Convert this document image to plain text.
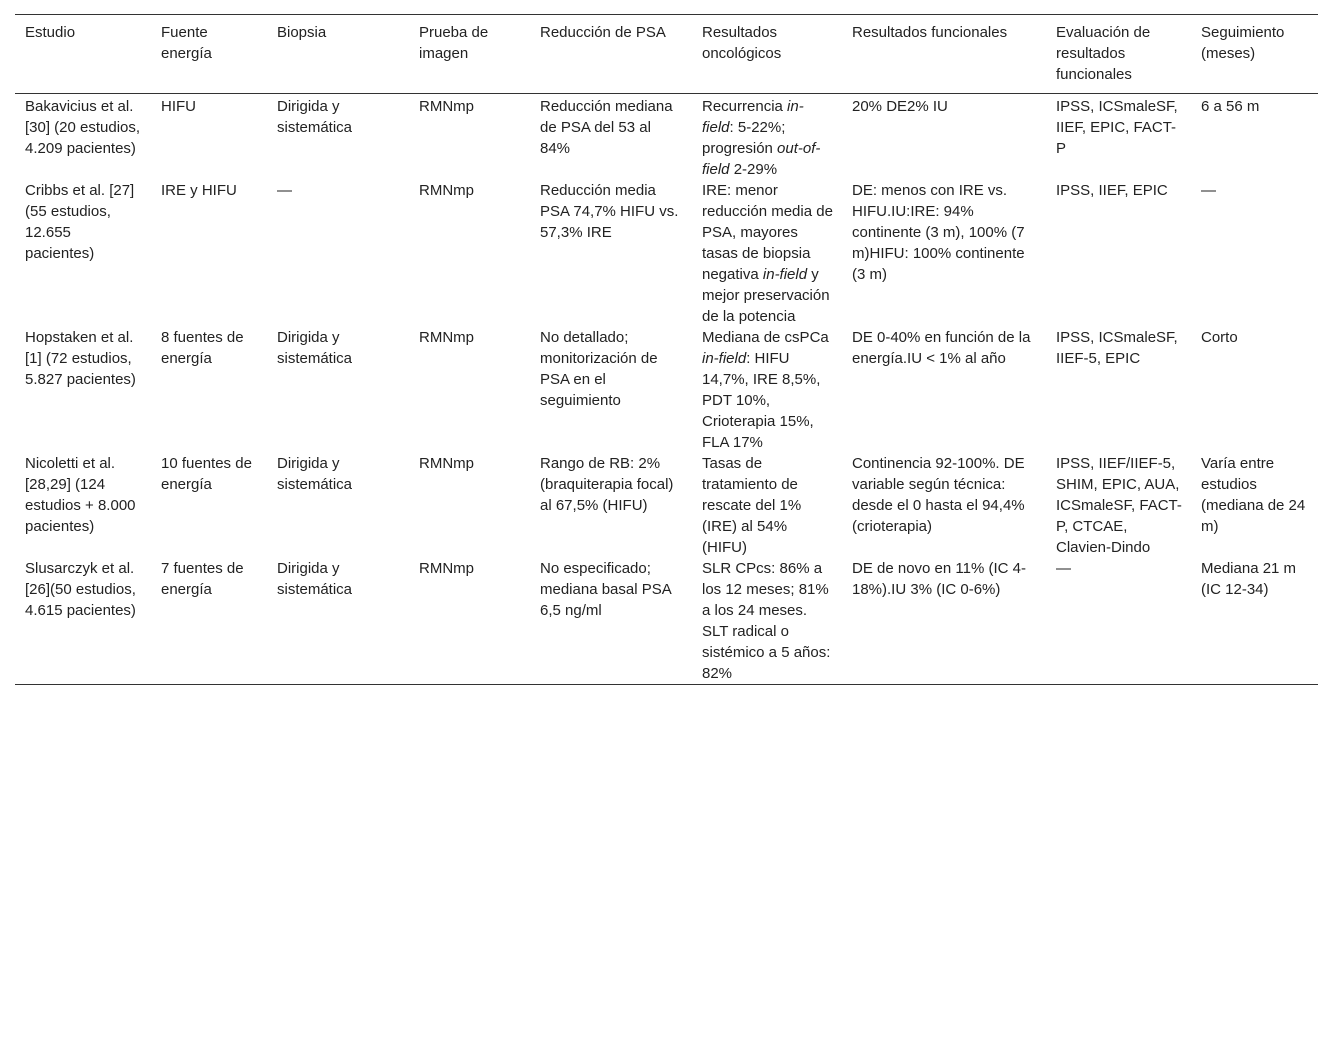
Estudio	Fuente energía	Biopsia	Prueba de imagen	Reducción de PSA	Resultados oncológicos	Resultados funcionales	Evaluación de resultados funcionales	Seguimiento (meses)
Bakavicius et al. [30] (20 estudios, 4.209 pacientes)	HIFU	Dirigida y sistemática	RMNmp	Reducción mediana de PSA del 53 al 84%	Recurrencia in-field: 5-22%; progresión out-of-field 2-29%	20% DE2% IU	IPSS, ICSmaleSF, IIEF, EPIC, FACT-P	6 a 56 m
Cribbs et al. [27] (55 estudios, 12.655 pacientes)	IRE y HIFU	—	RMNmp	Reducción media PSA 74,7% HIFU vs. 57,3% IRE	IRE: menor reducción media de PSA, mayores tasas de biopsia negativa in-field y mejor preservación de la potencia	DE: menos con IRE vs. HIFU.IU:IRE: 94% continente (3 m), 100% (7 m)HIFU: 100% continente (3 m)	IPSS, IIEF, EPIC	—
Hopstaken et al. [1] (72 estudios, 5.827 pacientes)	8 fuentes de energía	Dirigida y sistemática	RMNmp	No detallado; monitorización de PSA en el seguimiento	Mediana de csPCa in-field: HIFU 14,7%, IRE 8,5%, PDT 10%, Crioterapia 15%, FLA 17%	DE 0-40% en función de la energía.IU < 1% al año	IPSS, ICSmaleSF, IIEF-5, EPIC	Corto
Nicoletti et al. [28,29] (124 estudios + 8.000 pacientes)	10 fuentes de energía	Dirigida y sistemática	RMNmp	Rango de RB: 2% (braquiterapia focal) al 67,5% (HIFU)	Tasas de tratamiento de rescate del 1% (IRE) al 54% (HIFU)	Continencia 92-100%. DE variable según técnica: desde el 0 hasta el 94,4% (crioterapia)	IPSS, IIEF/IIEF-5, SHIM, EPIC, AUA, ICSmaleSF, FACT-P, CTCAE, Clavien-Dindo	Varía entre estudios (mediana de 24 m)
Slusarczyk et al. [26](50 estudios, 4.615 pacientes)	7 fuentes de energía	Dirigida y sistemática	RMNmp	No especificado; mediana basal PSA 6,5 ng/ml	SLR CPcs: 86% a los 12 meses; 81% a los 24 meses. SLT radical o sistémico a 5 años: 82%	DE de novo en 11% (IC 4-18%).IU 3% (IC 0-6%)	—	Mediana 21 m (IC 12-34)
